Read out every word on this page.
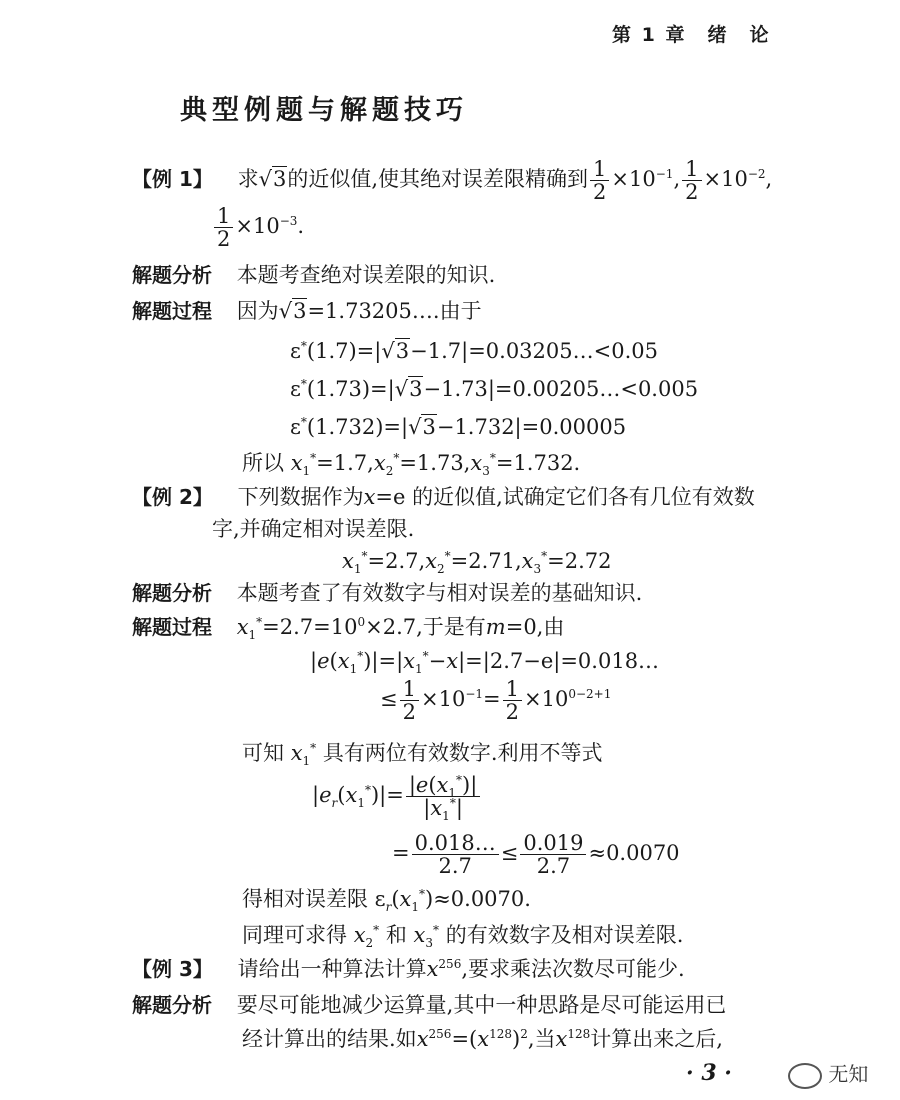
第 1 章　绪　论
典型例题与解题技巧
【例 1】 求√3的近似值,使其绝对误差限精确到 $\frac{1}{2} \times 10^{-1}$, $\frac{1}{2} \times 10^{-2}$,
$\frac{1}{2} \times 10^{-3}$.
解题分析 本题考查绝对误差限的知识.
解题过程 因为√3=1.73205….由于
ε*(1.7)=|√3−1.7|=0.03205…<0.05
ε*(1.73)=|√3−1.73|=0.00205…<0.005
ε*(1.732)=|√3−1.732|=0.00005
所以 $x_1^*=1.7,x_2^*=1.73,x_3^*=1.732$.
【例 2】 下列数据作为x=e 的近似值,试确定它们各有几位有效数
字,并确定相对误差限.
$x_1^*=2.7,x_2^*=2.71,x_3^*=2.72$
解题分析 本题考查了有效数字与相对误差的基础知识.
解题过程 $x_1^*=2.7=10^0\times 2.7$,于是有m=0,由
$|e(x_1^*)|=|x_1^*-x|=|2.7-e|=0.018\dots$
≤ $\frac{1}{2} \times 10^{-1}= \frac{1}{2} \times 10^{0-2+1}$
可知 $x_1^*$ 具有两位有效数字.利用不等式
$|e_r(x_1^*)|= \frac{|e(x_1^*)|}{|x_1^*|}$
= $\frac{0.018\dots}{2.7} \le \frac{0.019}{2.7} \approx 0.0070$
得相对误差限 $\varepsilon_r(x_1^*)\approx 0.0070$.
同理可求得 $x_2^*$ 和 $x_3^*$ 的有效数字及相对误差限.
【例 3】 请给出一种算法计算$x^{256}$,要求乘法次数尽可能少.
解题分析 要尽可能地减少运算量,其中一种思路是尽可能运用已
经计算出的结果.如$x^{256}=(x^{128})^2$,当$x^{128}$计算出来之后,
· 3 ·	无知
